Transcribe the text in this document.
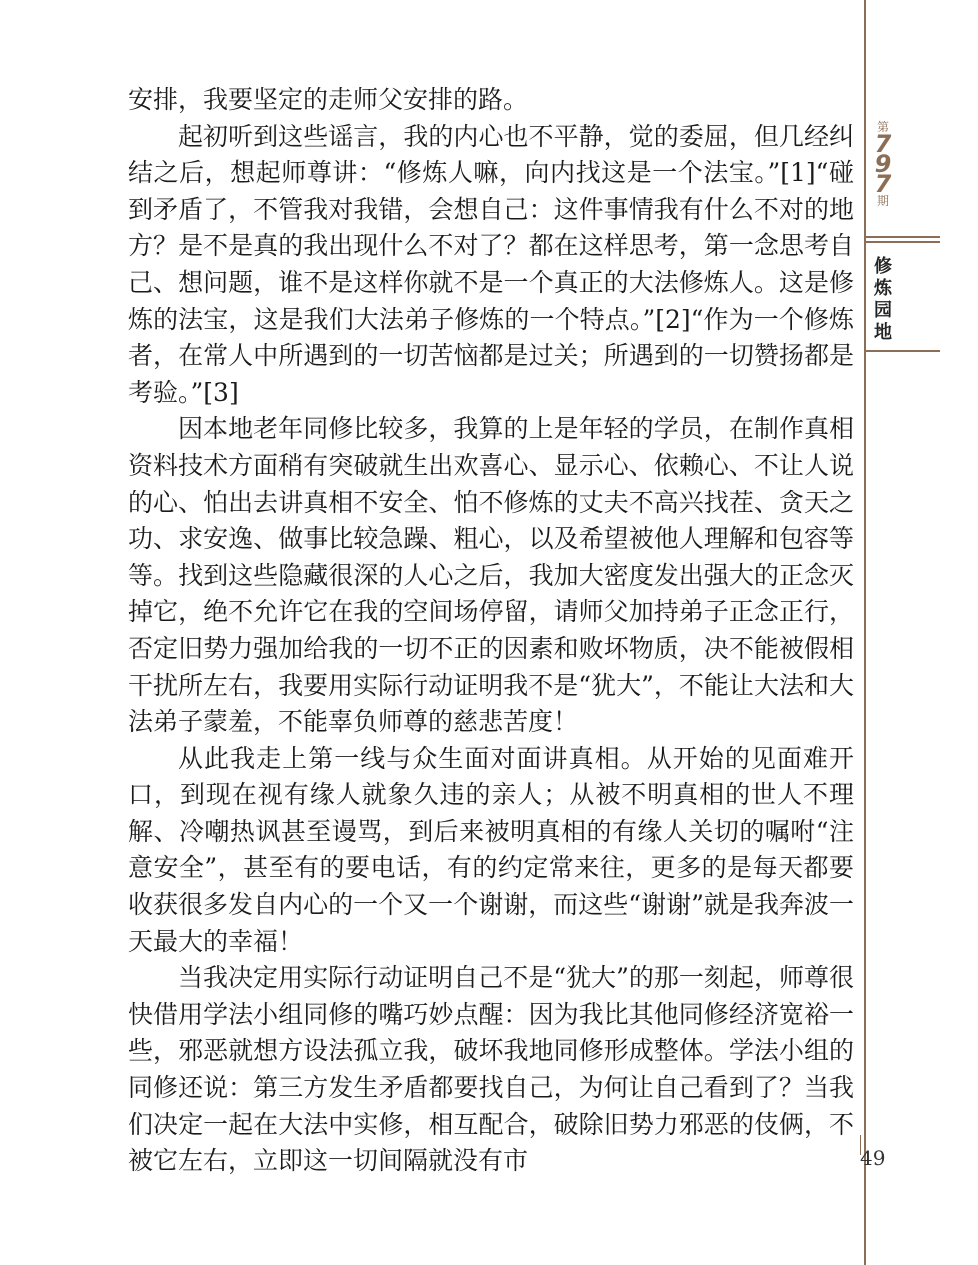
安排，我要坚定的走师父安排的路。

起初听到这些谣言，我的内心也不平静，觉的委屈，但几经纠结之后，想起师尊讲：“修炼人嘛，向内找这是一个法宝。”[1]“碰到矛盾了，不管我对我错，会想自己：这件事情我有什么不对的地方？是不是真的我出现什么不对了？都在这样思考，第一念思考自己、想问题，谁不是这样你就不是一个真正的大法修炼人。这是修炼的法宝，这是我们大法弟子修炼的一个特点。”[2]“作为一个修炼者，在常人中所遇到的一切苦恼都是过关；所遇到的一切赞扬都是考验。”[3]

因本地老年同修比较多，我算的上是年轻的学员，在制作真相资料技术方面稍有突破就生出欢喜心、显示心、依赖心、不让人说的心、怕出去讲真相不安全、怕不修炼的丈夫不高兴找茬、贪天之功、求安逸、做事比较急躁、粗心，以及希望被他人理解和包容等等。找到这些隐藏很深的人心之后，我加大密度发出强大的正念灭掉它，绝不允许它在我的空间场停留，请师父加持弟子正念正行，否定旧势力强加给我的一切不正的因素和败坏物质，决不能被假相干扰所左右，我要用实际行动证明我不是“犹大”，不能让大法和大法弟子蒙羞，不能辜负师尊的慈悲苦度！

从此我走上第一线与众生面对面讲真相。从开始的见面难开口，到现在视有缘人就象久违的亲人；从被不明真相的世人不理解、冷嘲热讽甚至谩骂，到后来被明真相的有缘人关切的嘱咐“注意安全”，甚至有的要电话，有的约定常来往，更多的是每天都要收获很多发自内心的一个又一个谢谢，而这些“谢谢”就是我奔波一天最大的幸福！

当我决定用实际行动证明自己不是“犹大”的那一刻起，师尊很快借用学法小组同修的嘴巧妙点醒：因为我比其他同修经济宽裕一些，邪恶就想方设法孤立我，破坏我地同修形成整体。学法小组的同修还说：第三方发生矛盾都要找自己，为何让自己看到了？当我们决定一起在大法中实修，相互配合，破除旧势力邪恶的伎俩，不被它左右，立即这一切间隔就没有市

第
7
9
7
期
修炼园地
49
